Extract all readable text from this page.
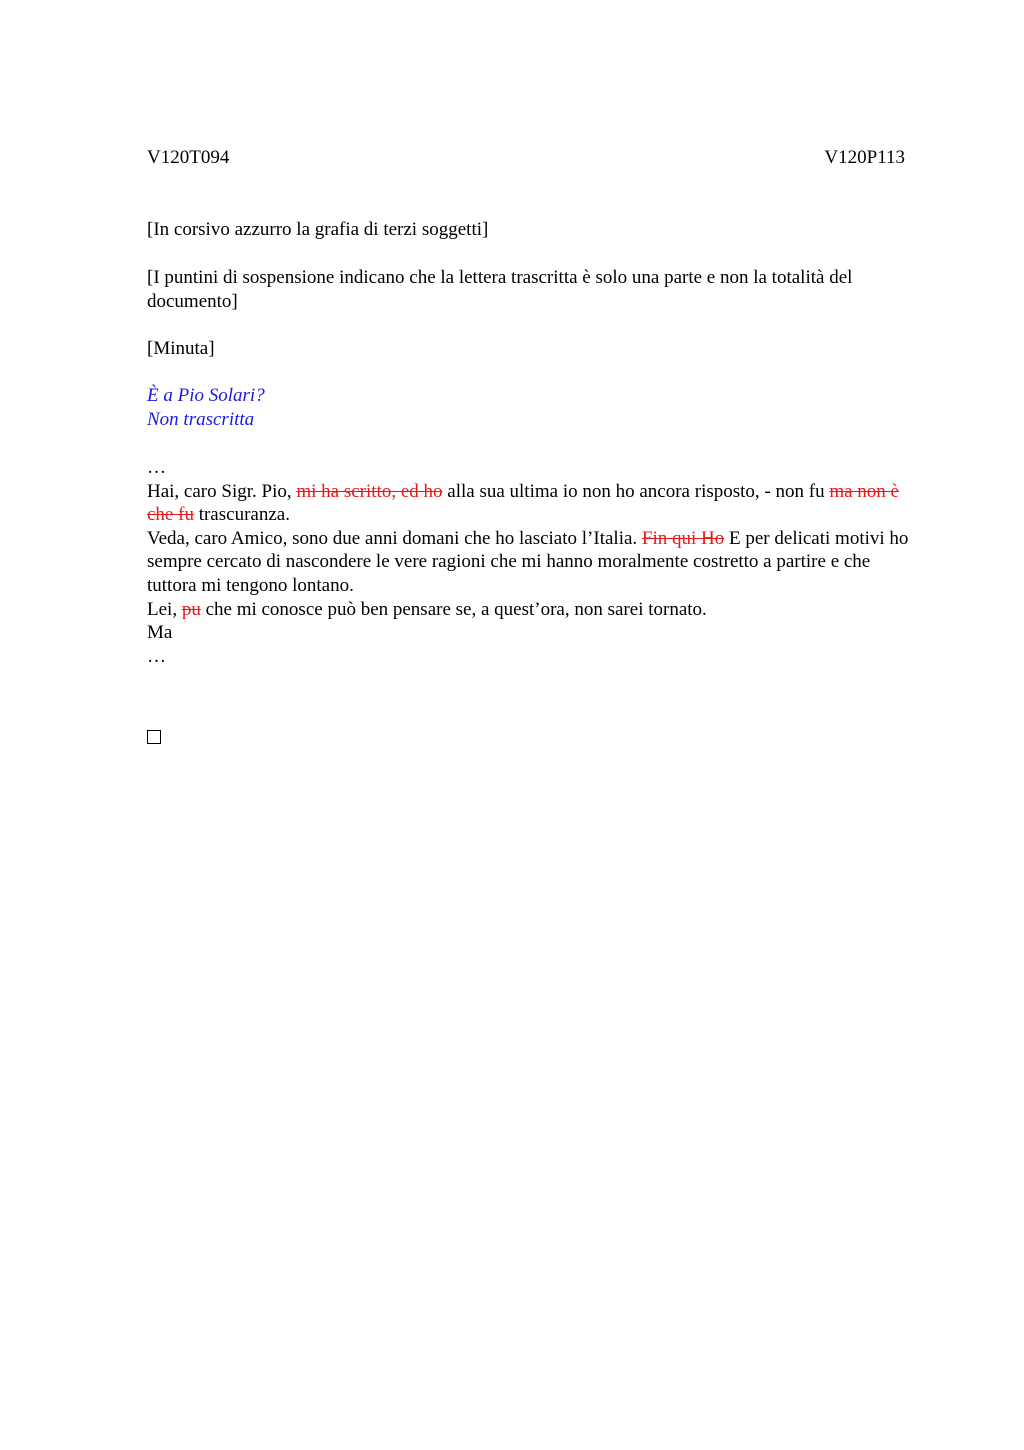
V120T094	V120P113

[In corsivo azzurro la grafia di terzi soggetti]

[I puntini di sospensione indicano che la lettera trascritta è solo una parte e non la totalità del documento]

[Minuta]

È a Pio Solari?
Non trascritta
…
Hai, caro Sigr. Pio, mi ha scritto, ed ho alla sua ultima io non ho ancora risposto, - non fu ma non è che fu trascuranza.
Veda, caro Amico, sono due anni domani che ho lasciato l’Italia. Fin qui Ho E per delicati motivi ho sempre cercato di nascondere le vere ragioni che mi hanno moralmente costretto a partire e che tuttora mi tengono lontano.
Lei, pu che mi conosce può ben pensare se, a quest’ora, non sarei tornato.
Ma
…
